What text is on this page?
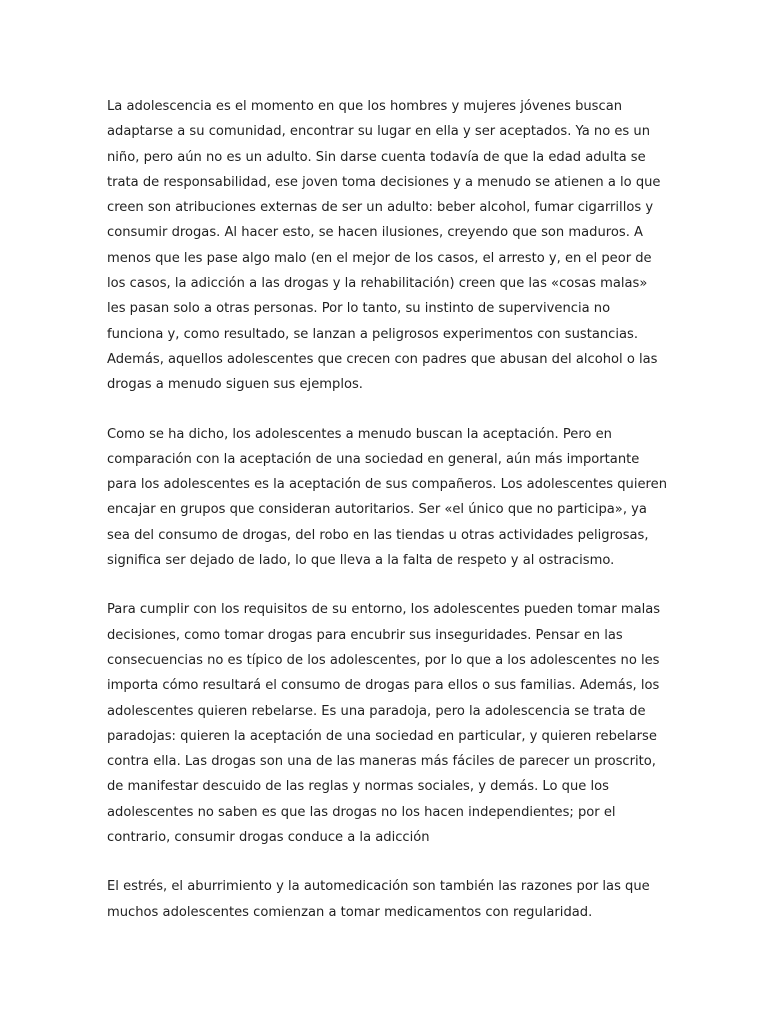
La adolescencia es el momento en que los hombres y mujeres jóvenes buscan adaptarse a su comunidad, encontrar su lugar en ella y ser aceptados. Ya no es un niño, pero aún no es un adulto. Sin darse cuenta todavía de que la edad adulta se trata de responsabilidad, ese joven toma decisiones y a menudo se atienen a lo que creen son atribuciones externas de ser un adulto: beber alcohol, fumar cigarrillos y consumir drogas. Al hacer esto, se hacen ilusiones, creyendo que son maduros. A menos que les pase algo malo (en el mejor de los casos, el arresto y, en el peor de los casos, la adicción a las drogas y la rehabilitación) creen que las «cosas malas» les pasan solo a otras personas. Por lo tanto, su instinto de supervivencia no funciona y, como resultado, se lanzan a peligrosos experimentos con sustancias. Además, aquellos adolescentes que crecen con padres que abusan del alcohol o las drogas a menudo siguen sus ejemplos.

Como se ha dicho, los adolescentes a menudo buscan la aceptación. Pero en comparación con la aceptación de una sociedad en general, aún más importante para los adolescentes es la aceptación de sus compañeros. Los adolescentes quieren encajar en grupos que consideran autoritarios. Ser «el único que no participa», ya sea del consumo de drogas, del robo en las tiendas u otras actividades peligrosas, significa ser dejado de lado, lo que lleva a la falta de respeto y al ostracismo.

Para cumplir con los requisitos de su entorno, los adolescentes pueden tomar malas decisiones, como tomar drogas para encubrir sus inseguridades. Pensar en las consecuencias no es típico de los adolescentes, por lo que a los adolescentes no les importa cómo resultará el consumo de drogas para ellos o sus familias. Además, los adolescentes quieren rebelarse. Es una paradoja, pero la adolescencia se trata de paradojas: quieren la aceptación de una sociedad en particular, y quieren rebelarse contra ella. Las drogas son una de las maneras más fáciles de parecer un proscrito, de manifestar descuido de las reglas y normas sociales, y demás. Lo que los adolescentes no saben es que las drogas no los hacen independientes; por el contrario, consumir drogas conduce a la adicción

El estrés, el aburrimiento y la automedicación son también las razones por las que muchos adolescentes comienzan a tomar medicamentos con regularidad.
